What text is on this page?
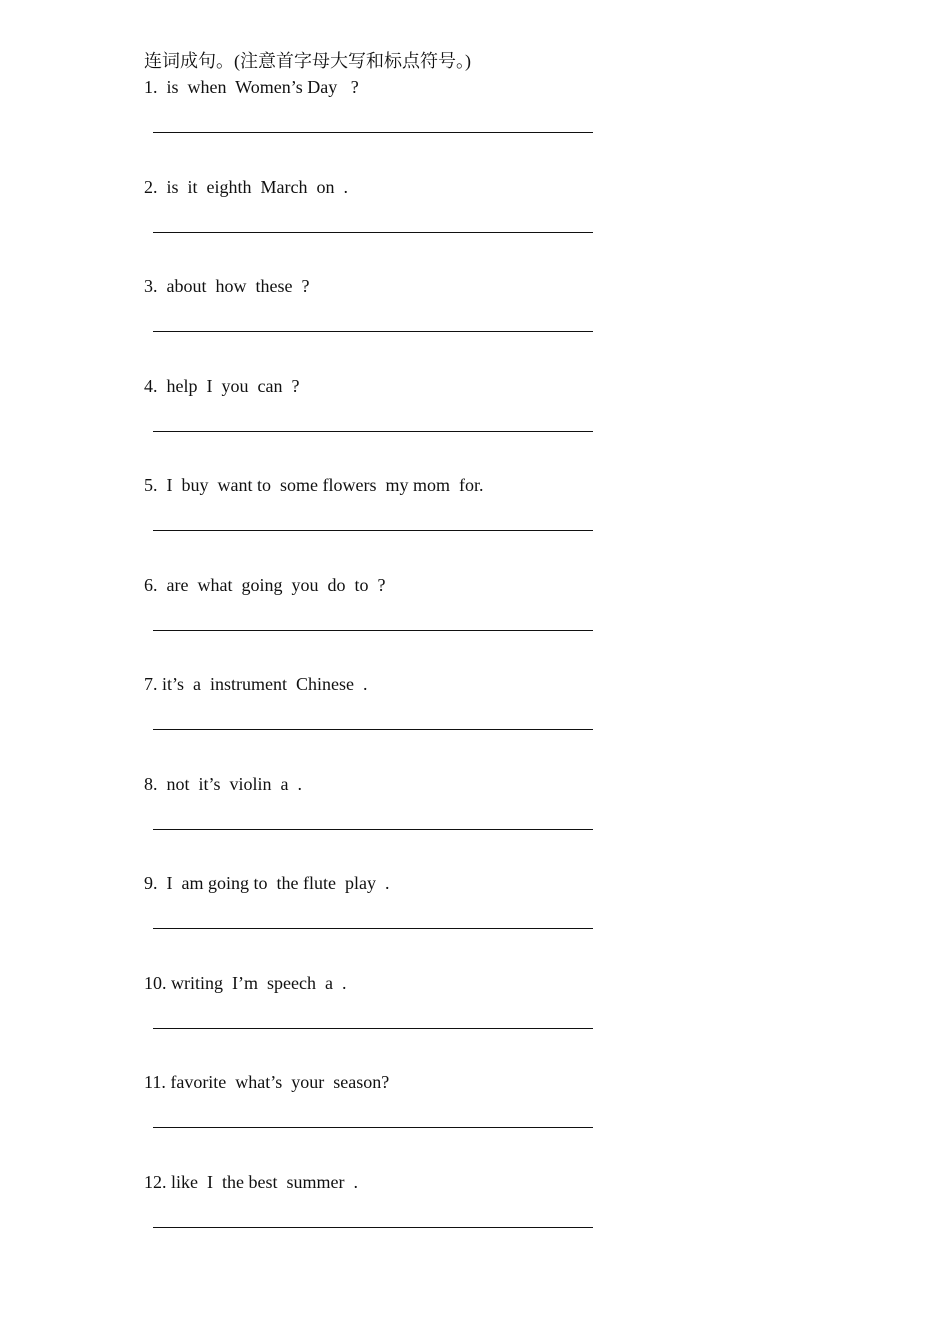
连词成句。(注意首字母大写和标点符号。)
1.  is  when  Women’s Day   ?
2.  is  it  eighth  March  on  .
3.  about  how  these  ?
4.  help  I  you  can  ?
5.  I  buy  want to  some flowers  my mom  for.
6.  are  what  going  you  do  to  ?
7. it’s  a  instrument  Chinese  .
8.  not  it’s  violin  a  .
9.  I  am going to  the flute  play  .
10. writing  I’m  speech  a  .
11. favorite  what’s  your  season?
12. like  I  the best  summer  .
